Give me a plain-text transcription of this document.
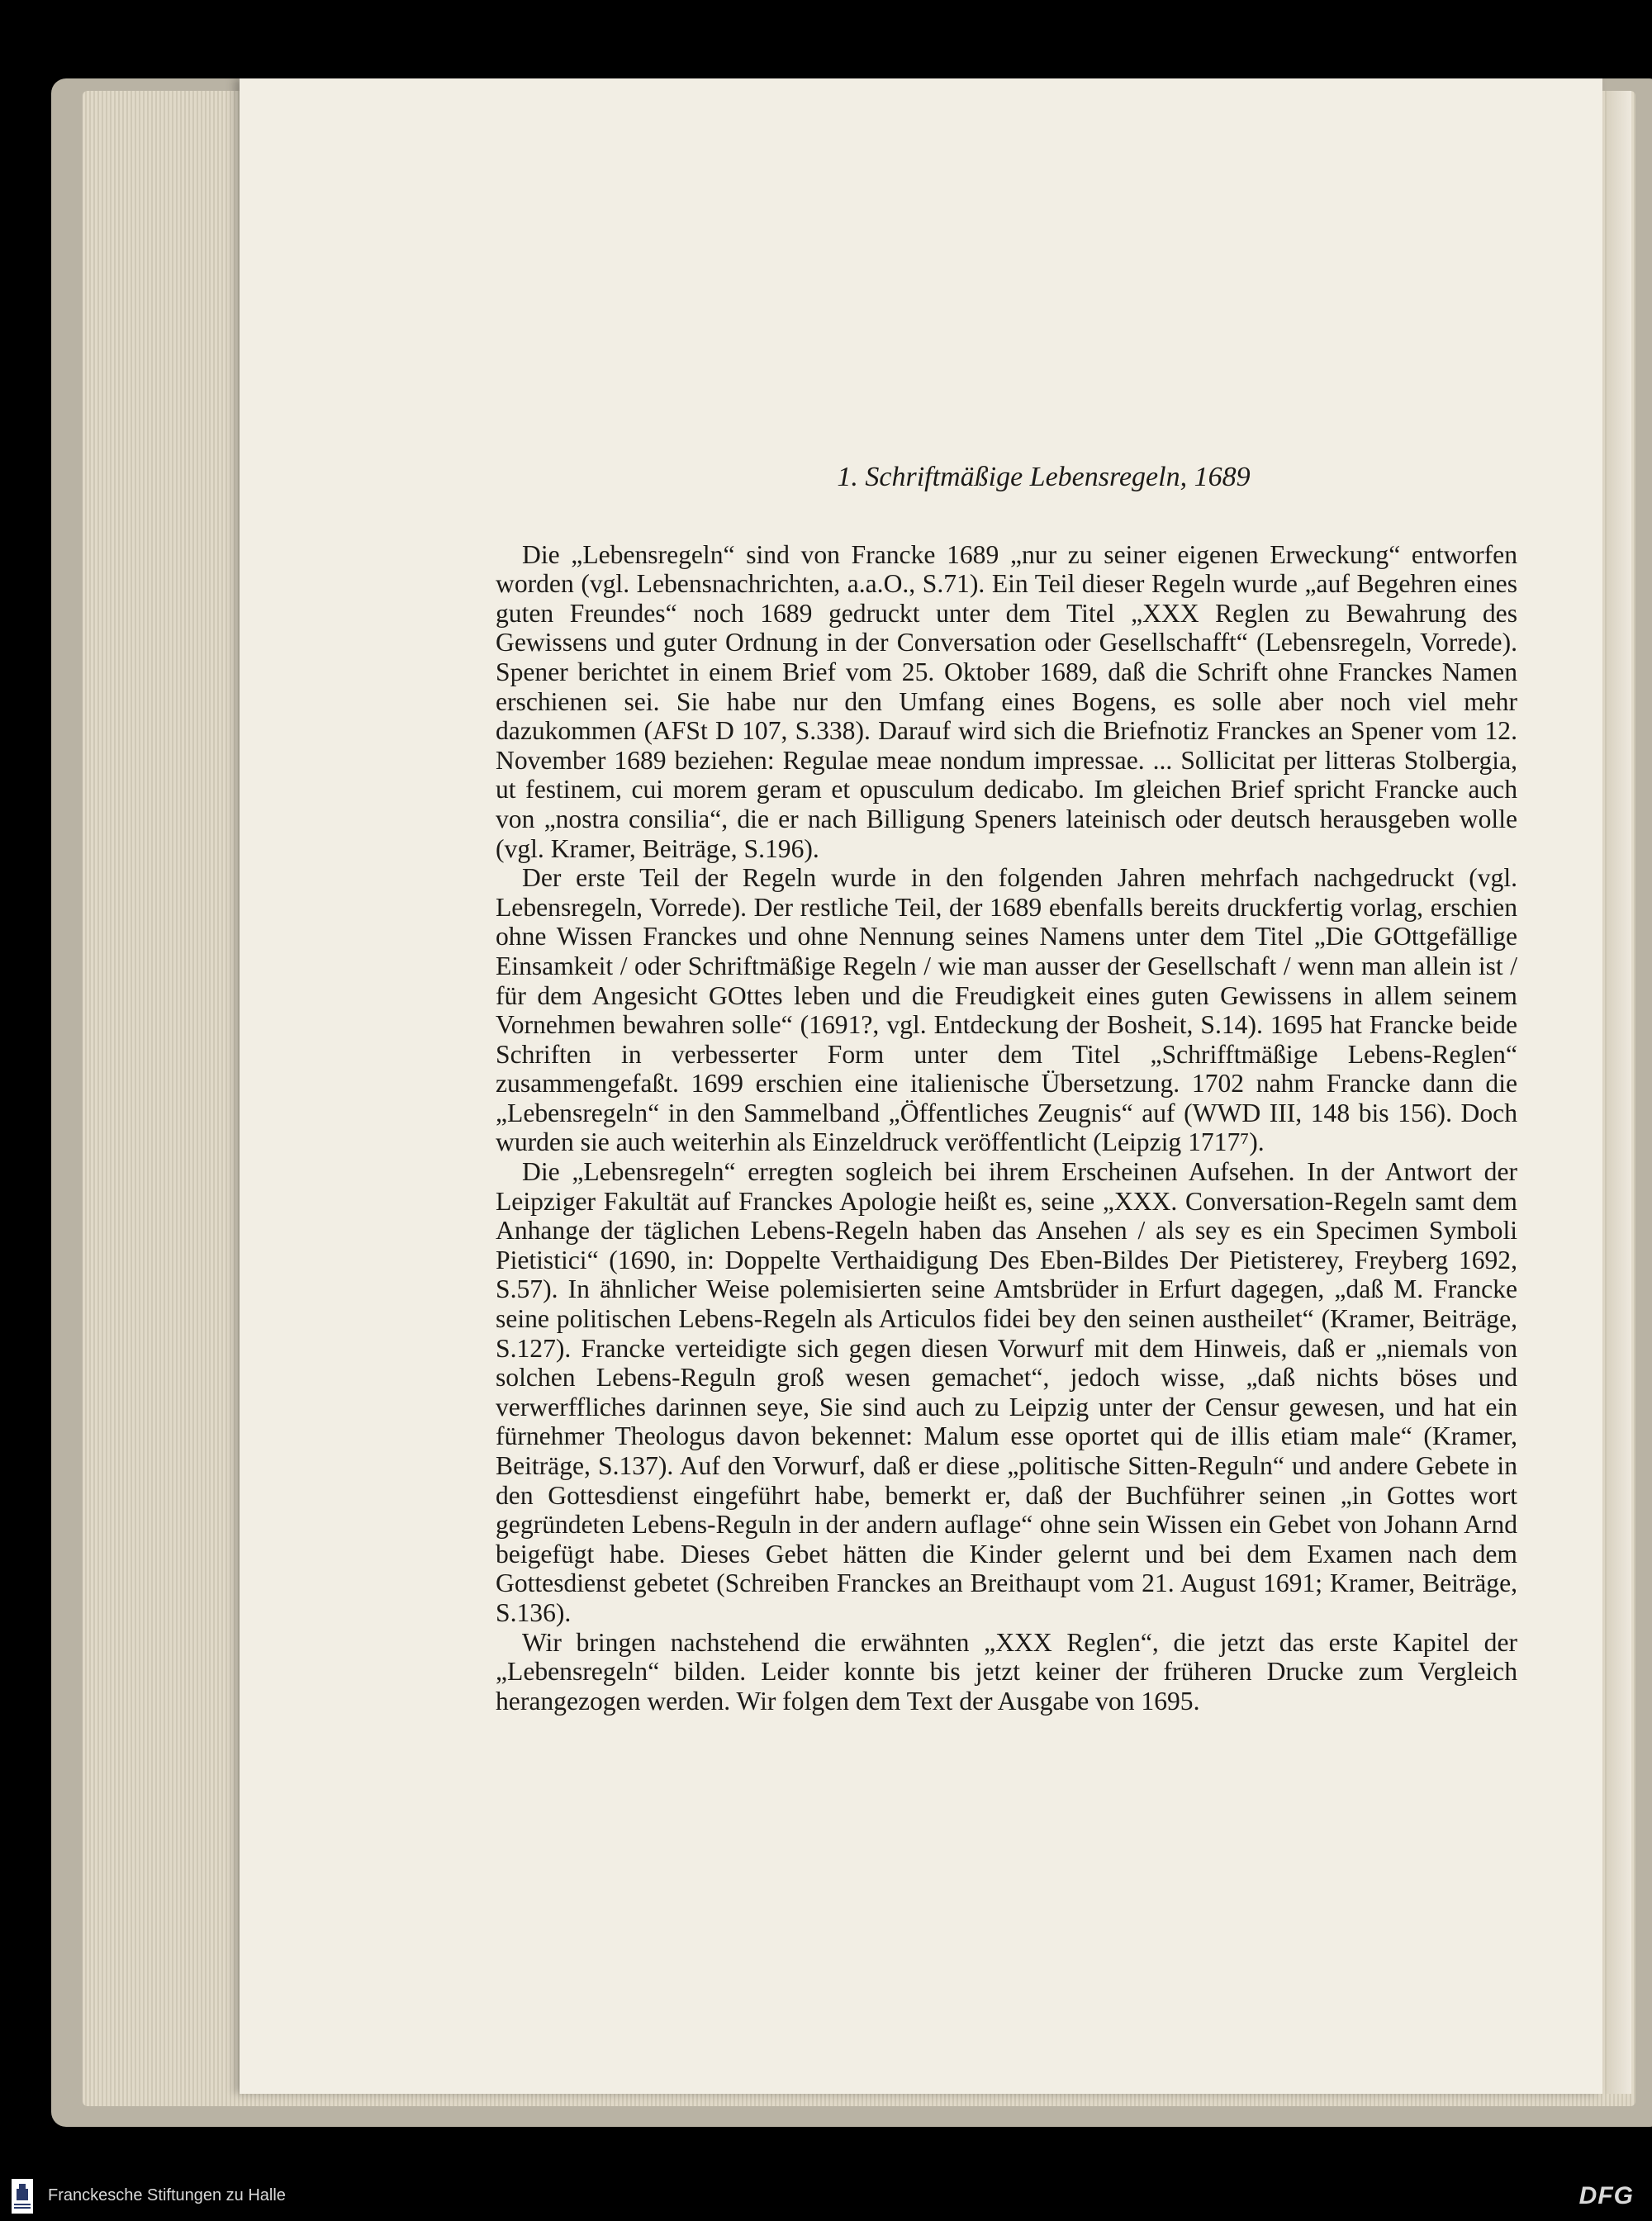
1. Schriftmäßige Lebensregeln, 1689

Die „Lebensregeln“ sind von Francke 1689 „nur zu seiner eigenen Erweckung“ entworfen worden (vgl. Lebensnachrichten, a.a.O., S.71). Ein Teil dieser Regeln wurde „auf Begehren eines guten Freundes“ noch 1689 gedruckt unter dem Titel „XXX Reglen zu Bewahrung des Gewissens und guter Ordnung in der Conversation oder Gesellschafft“ (Lebensregeln, Vorrede). Spener berichtet in einem Brief vom 25. Oktober 1689, daß die Schrift ohne Franckes Namen erschienen sei. Sie habe nur den Umfang eines Bogens, es solle aber noch viel mehr dazukommen (AFSt D 107, S.338). Darauf wird sich die Briefnotiz Franckes an Spener vom 12. November 1689 beziehen: Regulae meae nondum impressae. ... Sollicitat per litteras Stolbergia, ut festinem, cui morem geram et opusculum dedicabo. Im gleichen Brief spricht Francke auch von „nostra consilia“, die er nach Billigung Speners lateinisch oder deutsch herausgeben wolle (vgl. Kramer, Beiträge, S.196).

Der erste Teil der Regeln wurde in den folgenden Jahren mehrfach nachgedruckt (vgl. Lebensregeln, Vorrede). Der restliche Teil, der 1689 ebenfalls bereits druckfertig vorlag, erschien ohne Wissen Franckes und ohne Nennung seines Namens unter dem Titel „Die GOttgefällige Einsamkeit / oder Schriftmäßige Regeln / wie man ausser der Gesellschaft / wenn man allein ist / für dem Angesicht GOttes leben und die Freudigkeit eines guten Gewissens in allem seinem Vornehmen bewahren solle“ (1691?, vgl. Entdeckung der Bosheit, S.14). 1695 hat Francke beide Schriften in verbesserter Form unter dem Titel „Schrifftmäßige Lebens-Reglen“ zusammengefaßt. 1699 erschien eine italienische Übersetzung. 1702 nahm Francke dann die „Lebensregeln“ in den Sammelband „Öffentliches Zeugnis“ auf (WWD III, 148 bis 156). Doch wurden sie auch weiterhin als Einzeldruck veröffentlicht (Leipzig 1717⁷).

Die „Lebensregeln“ erregten sogleich bei ihrem Erscheinen Aufsehen. In der Antwort der Leipziger Fakultät auf Franckes Apologie heißt es, seine „XXX. Conversation-Regeln samt dem Anhange der täglichen Lebens-Regeln haben das Ansehen / als sey es ein Specimen Symboli Pietistici“ (1690, in: Doppelte Verthaidigung Des Eben-Bildes Der Pietisterey, Freyberg 1692, S.57). In ähnlicher Weise polemisierten seine Amtsbrüder in Erfurt dagegen, „daß M. Francke seine politischen Lebens-Regeln als Articulos fidei bey den seinen austheilet“ (Kramer, Beiträge, S.127). Francke verteidigte sich gegen diesen Vorwurf mit dem Hinweis, daß er „niemals von solchen Lebens-Reguln groß wesen gemachet“, jedoch wisse, „daß nichts böses und verwerffliches darinnen seye, Sie sind auch zu Leipzig unter der Censur gewesen, und hat ein fürnehmer Theologus davon bekennet: Malum esse oportet qui de illis etiam male“ (Kramer, Beiträge, S.137). Auf den Vorwurf, daß er diese „politische Sitten-Reguln“ und andere Gebete in den Gottesdienst eingeführt habe, bemerkt er, daß der Buchführer seinen „in Gottes wort gegründeten Lebens-Reguln in der andern auflage“ ohne sein Wissen ein Gebet von Johann Arnd beigefügt habe. Dieses Gebet hätten die Kinder gelernt und bei dem Examen nach dem Gottesdienst gebetet (Schreiben Franckes an Breithaupt vom 21. August 1691; Kramer, Beiträge, S.136).

Wir bringen nachstehend die erwähnten „XXX Reglen“, die jetzt das erste Kapitel der „Lebensregeln“ bilden. Leider konnte bis jetzt keiner der früheren Drucke zum Vergleich herangezogen werden. Wir folgen dem Text der Ausgabe von 1695.

Franckesche Stiftungen zu Halle	DFG
